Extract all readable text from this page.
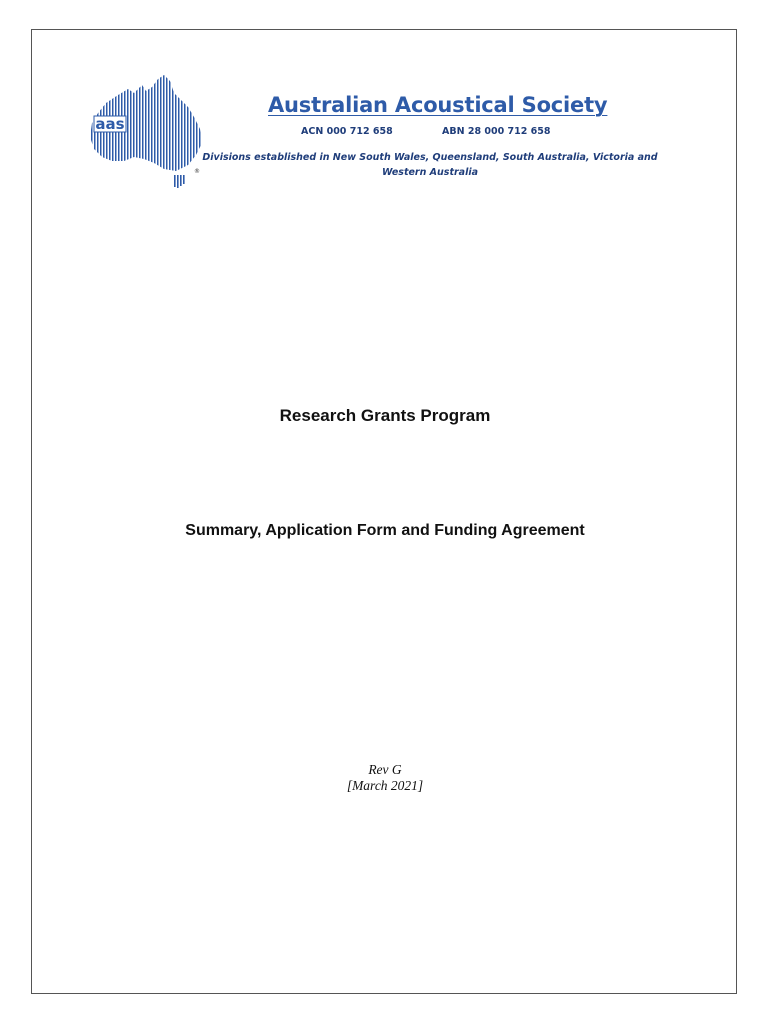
aas
®
Australian Acoustical Society
ACN 000 712 658	ABN 28 000 712 658
Divisions established in New South Wales, Queensland, South Australia, Victoria and
Western Australia
Research Grants Program
Summary, Application Form and Funding Agreement
Rev G
[March 2021]
